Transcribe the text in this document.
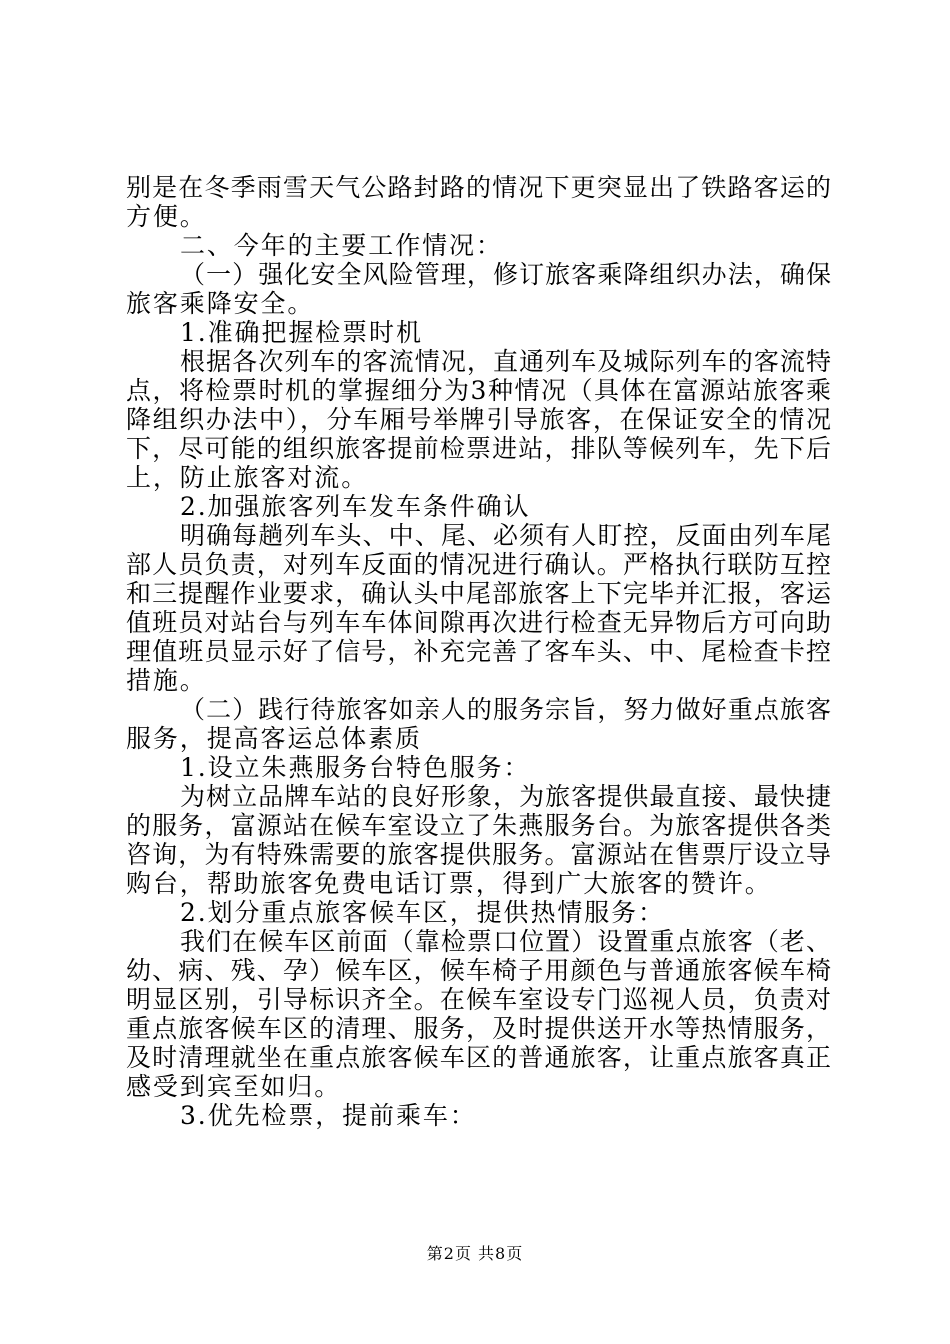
别是在冬季雨雪天气公路封路的情况下更突显出了铁路客运的
方便。
二、今年的主要工作情况：
（一）强化安全风险管理，修订旅客乘降组织办法，确保
旅客乘降安全。
1.准确把握检票时机
根据各次列车的客流情况，直通列车及城际列车的客流特
点，将检票时机的掌握细分为3种情况（具体在富源站旅客乘
降组织办法中），分车厢号举牌引导旅客，在保证安全的情况
下，尽可能的组织旅客提前检票进站，排队等候列车，先下后
上，防止旅客对流。
2.加强旅客列车发车条件确认
明确每趟列车头、中、尾、必须有人盯控，反面由列车尾
部人员负责，对列车反面的情况进行确认。严格执行联防互控
和三提醒作业要求，确认头中尾部旅客上下完毕并汇报，客运
值班员对站台与列车车体间隙再次进行检查无异物后方可向助
理值班员显示好了信号，补充完善了客车头、中、尾检查卡控
措施。
（二）践行待旅客如亲人的服务宗旨，努力做好重点旅客
服务，提高客运总体素质
1.设立朱燕服务台特色服务：
为树立品牌车站的良好形象，为旅客提供最直接、最快捷
的服务，富源站在候车室设立了朱燕服务台。为旅客提供各类
咨询，为有特殊需要的旅客提供服务。富源站在售票厅设立导
购台，帮助旅客免费电话订票，得到广大旅客的赞许。
2.划分重点旅客候车区，提供热情服务：
我们在候车区前面（靠检票口位置）设置重点旅客（老、
幼、病、残、孕）候车区，候车椅子用颜色与普通旅客候车椅
明显区别，引导标识齐全。在候车室设专门巡视人员，负责对
重点旅客候车区的清理、服务，及时提供送开水等热情服务，
及时清理就坐在重点旅客候车区的普通旅客，让重点旅客真正
感受到宾至如归。
3.优先检票，提前乘车：
第2页 共8页
